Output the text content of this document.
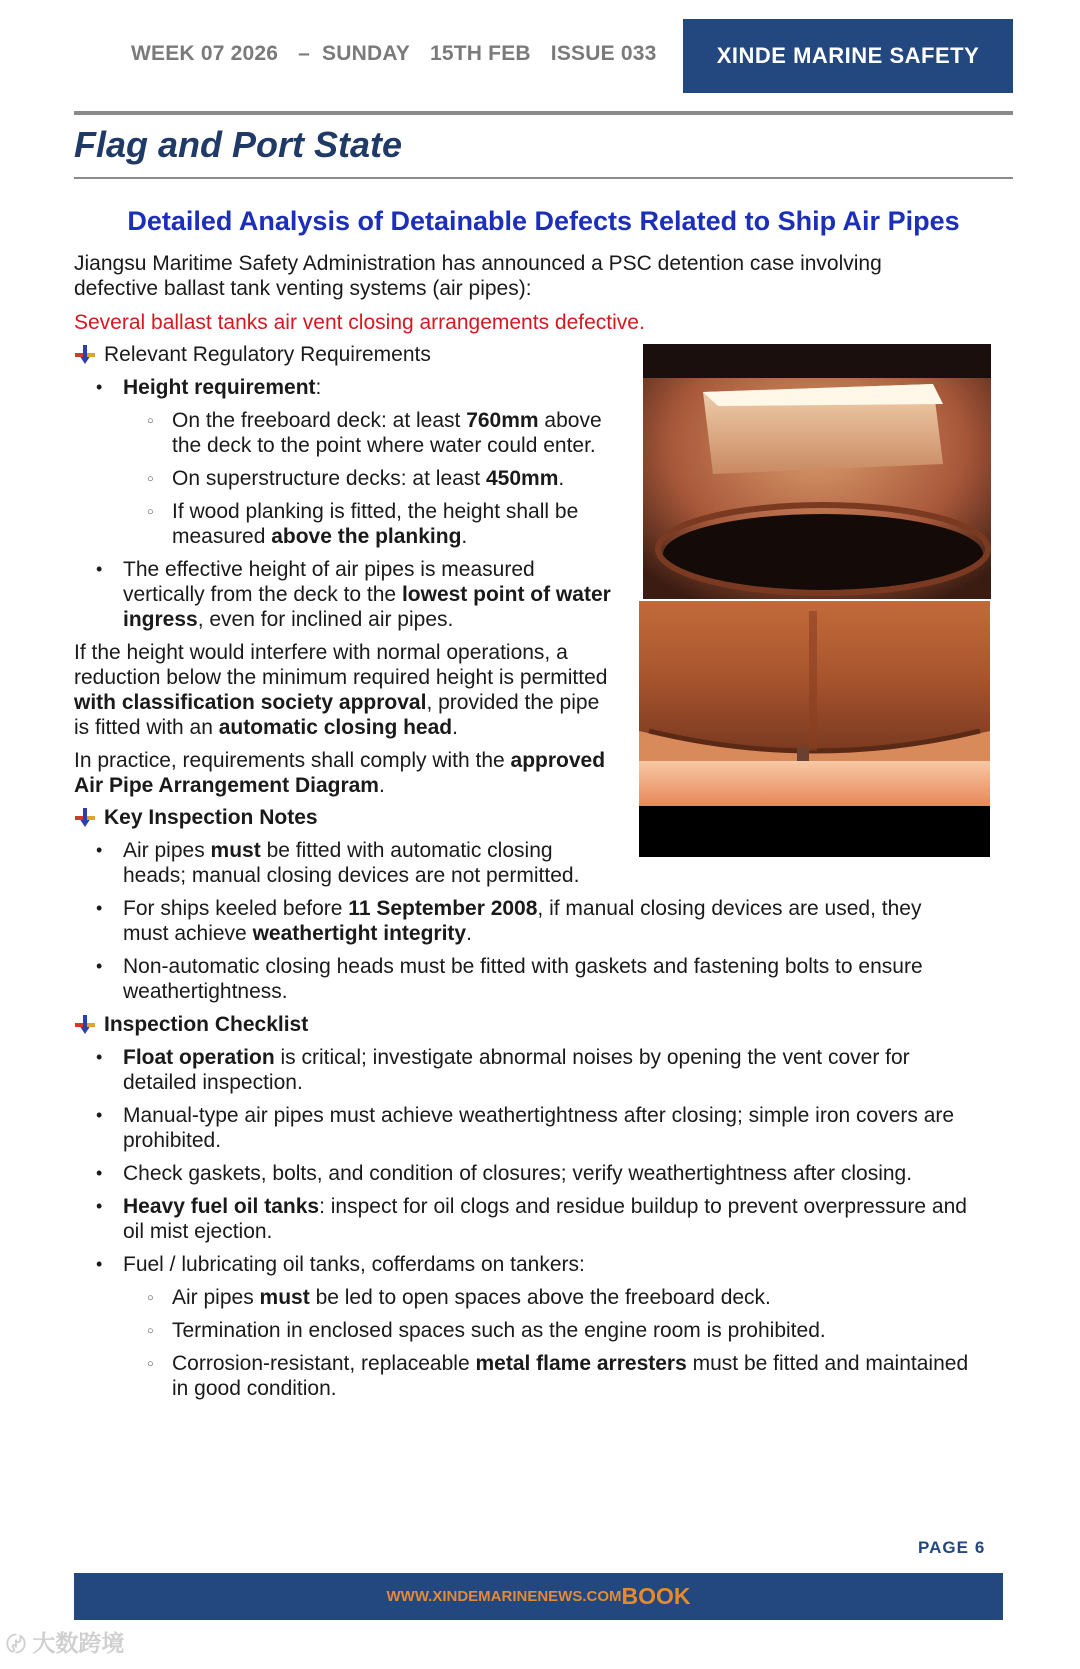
WEEK 07 2026 – SUNDAY 15TH FEB ISSUE 033	XINDE MARINE SAFETY
Flag and Port State
Detailed Analysis of Detainable Defects Related to Ship Air Pipes
Jiangsu Maritime Safety Administration has announced a PSC detention case involving
defective ballast tank venting systems (air pipes):
Several ballast tanks air vent closing arrangements defective.
Relevant Regulatory Requirements
• Height requirement:
○ On the freeboard deck: at least 760mm above
the deck to the point where water could enter.
○ On superstructure decks: at least 450mm.
○ If wood planking is fitted, the height shall be
measured above the planking.
• The effective height of air pipes is measured
vertically from the deck to the lowest point of water
ingress, even for inclined air pipes.
If the height would interfere with normal operations, a
reduction below the minimum required height is permitted
with classification society approval, provided the pipe
is fitted with an automatic closing head.
In practice, requirements shall comply with the approved
Air Pipe Arrangement Diagram.
Key Inspection Notes
• Air pipes must be fitted with automatic closing
heads; manual closing devices are not permitted.
• For ships keeled before 11 September 2008, if manual closing devices are used, they
must achieve weathertight integrity.
• Non-automatic closing heads must be fitted with gaskets and fastening bolts to ensure
weathertightness.
Inspection Checklist
• Float operation is critical; investigate abnormal noises by opening the vent cover for
detailed inspection.
• Manual-type air pipes must achieve weathertightness after closing; simple iron covers are
prohibited.
• Check gaskets, bolts, and condition of closures; verify weathertightness after closing.
• Heavy fuel oil tanks: inspect for oil clogs and residue buildup to prevent overpressure and
oil mist ejection.
• Fuel / lubricating oil tanks, cofferdams on tankers:
○ Air pipes must be led to open spaces above the freeboard deck.
○ Termination in enclosed spaces such as the engine room is prohibited.
○ Corrosion-resistant, replaceable metal flame arresters must be fitted and maintained
in good condition.
PAGE 6
WWW.XINDEMARINENEWS.COM BOOK
〄 大数跨境
